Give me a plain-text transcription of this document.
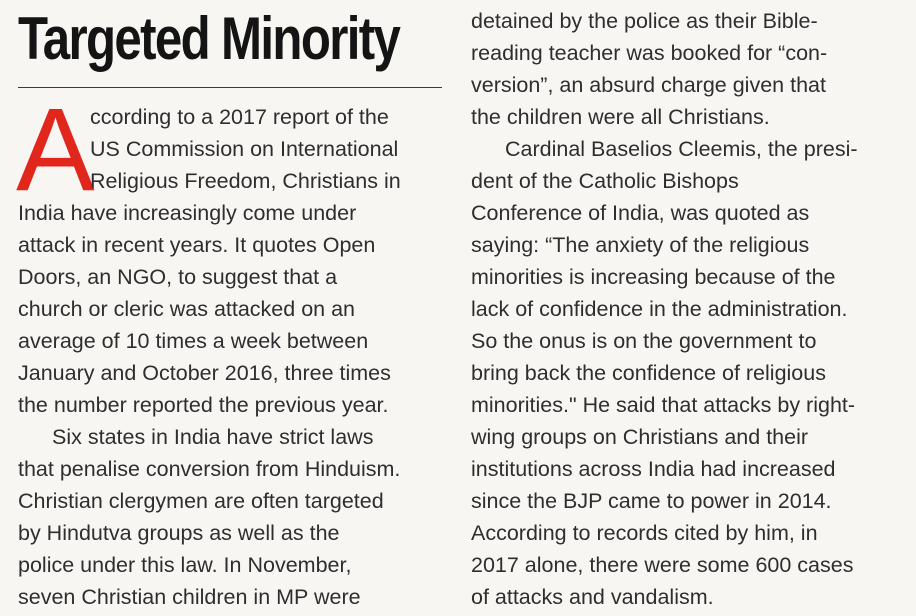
Targeted Minority
A
ccording to a 2017 report of the
US Commission on International
Religious Freedom, Christians in
India have increasingly come under
attack in recent years. It quotes Open
Doors, an NGO, to suggest that a
church or cleric was attacked on an
average of 10 times a week between
January and October 2016, three times
the number reported the previous year.
Six states in India have strict laws
that penalise conversion from Hinduism.
Christian clergymen are often targeted
by Hindutva groups as well as the
police under this law. In November,
seven Christian children in MP were
detained by the police as their Bible-
reading teacher was booked for “con-
version”, an absurd charge given that
the children were all Christians.
Cardinal Baselios Cleemis, the presi-
dent of the Catholic Bishops
Conference of India, was quoted as
saying: “The anxiety of the religious
minorities is increasing because of the
lack of confidence in the administration.
So the onus is on the government to
bring back the confidence of religious
minorities." He said that attacks by right-
wing groups on Christians and their
institutions across India had increased
since the BJP came to power in 2014.
According to records cited by him, in
2017 alone, there were some 600 cases
of attacks and vandalism.
